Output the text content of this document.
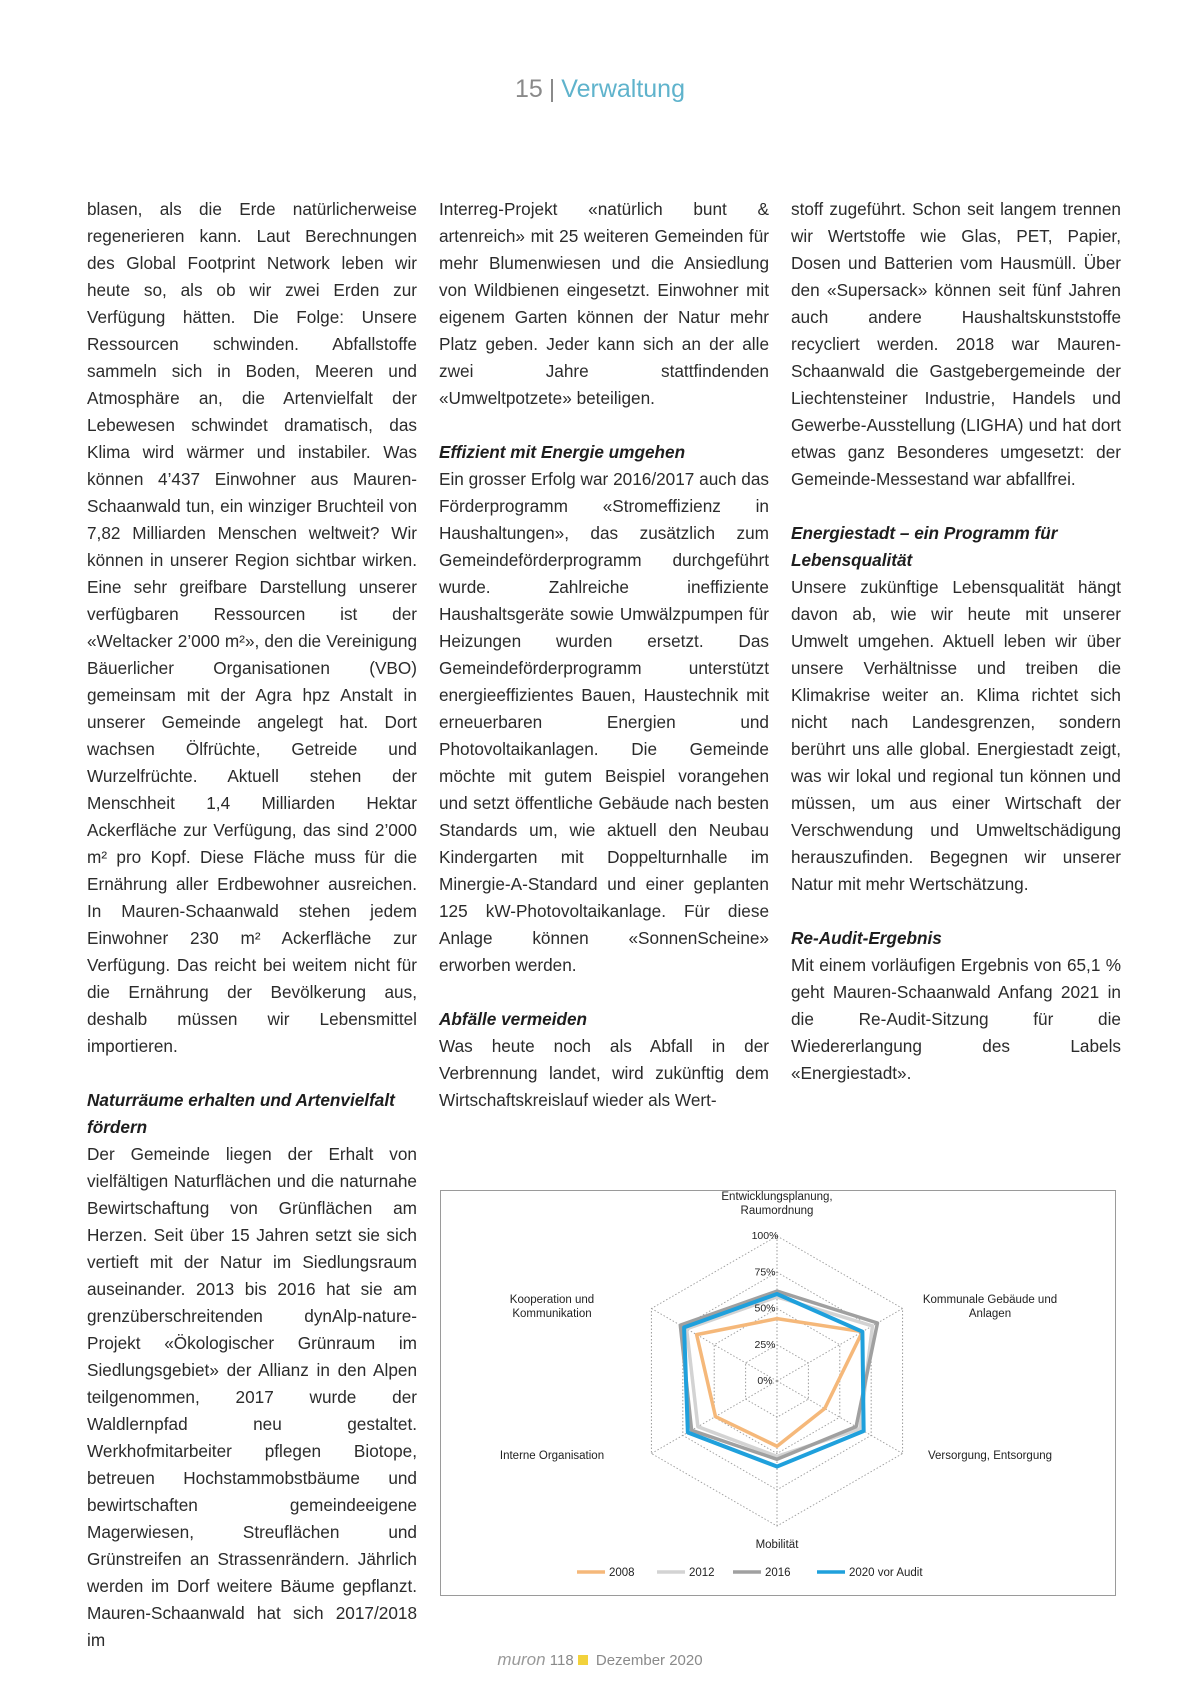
15 | Verwaltung

blasen, als die Erde natürlicherweise regenerieren kann. Laut Berechnungen des Global Footprint Network leben wir heute so, als ob wir zwei Erden zur Verfügung hätten. Die Folge: Unsere Ressourcen schwinden. Abfallstoffe sammeln sich in Boden, Meeren und Atmosphäre an, die Artenvielfalt der Lebewesen schwindet dramatisch, das Klima wird wärmer und instabiler. Was können 4’437 Einwohner aus Mauren-Schaanwald tun, ein winziger Bruchteil von 7,82 Milliarden Menschen weltweit? Wir können in unserer Region sichtbar wirken. Eine sehr greifbare Darstellung unserer verfügbaren Ressourcen ist der «Weltacker 2’000 m²», den die Vereinigung Bäuerlicher Organisationen (VBO) gemeinsam mit der Agra hpz Anstalt in unserer Gemeinde angelegt hat. Dort wachsen Ölfrüchte, Getreide und Wurzelfrüchte. Aktuell stehen der Menschheit 1,4 Milliarden Hektar Ackerfläche zur Verfügung, das sind 2’000 m² pro Kopf. Diese Fläche muss für die Ernährung aller Erdbewohner ausreichen. In Mauren-Schaanwald stehen jedem Einwohner 230 m² Ackerfläche zur Verfügung. Das reicht bei weitem nicht für die Ernährung der Bevölkerung aus, deshalb müssen wir Lebensmittel importieren.

Naturräume erhalten und Artenvielfalt fördern

Der Gemeinde liegen der Erhalt von vielfältigen Naturflächen und die naturnahe Bewirtschaftung von Grünflächen am Herzen. Seit über 15 Jahren setzt sie sich vertieft mit der Natur im Siedlungsraum auseinander. 2013 bis 2016 hat sie am grenzüberschreitenden dynAlp-nature-Projekt «Ökologischer Grünraum im Siedlungsgebiet» der Allianz in den Alpen teilgenommen, 2017 wurde der Waldlernpfad neu gestaltet. Werkhofmitarbeiter pflegen Biotope, betreuen Hochstammobstbäume und bewirtschaften gemeindeeigene Magerwiesen, Streuflächen und Grünstreifen an Strassenrändern. Jährlich werden im Dorf weitere Bäume gepflanzt. Mauren-Schaanwald hat sich 2017/2018 im

Interreg-Projekt «natürlich bunt & artenreich» mit 25 weiteren Gemeinden für mehr Blumenwiesen und die Ansiedlung von Wildbienen eingesetzt. Einwohner mit eigenem Garten können der Natur mehr Platz geben. Jeder kann sich an der alle zwei Jahre stattfindenden «Umweltpotzete» beteiligen.

Effizient mit Energie umgehen

Ein grosser Erfolg war 2016/2017 auch das Förderprogramm «Stromeffizienz in Haushaltungen», das zusätzlich zum Gemeindeförderprogramm durchgeführt wurde. Zahlreiche ineffiziente Haushaltsgeräte sowie Umwälzpumpen für Heizungen wurden ersetzt. Das Gemeindeförderprogramm unterstützt energieeffizientes Bauen, Haustechnik mit erneuerbaren Energien und Photovoltaikanlagen. Die Gemeinde möchte mit gutem Beispiel vorangehen und setzt öffentliche Gebäude nach besten Standards um, wie aktuell den Neubau Kindergarten mit Doppelturnhalle im Minergie-A-Standard und einer geplanten 125 kW-Photovoltaikanlage. Für diese Anlage können «SonnenScheine» erworben werden.

Abfälle vermeiden

Was heute noch als Abfall in der Verbrennung landet, wird zukünftig dem Wirtschaftskreislauf wieder als Wert-

stoff zugeführt. Schon seit langem trennen wir Wertstoffe wie Glas, PET, Papier, Dosen und Batterien vom Hausmüll. Über den «Supersack» können seit fünf Jahren auch andere Haushaltskunststoffe recycliert werden. 2018 war Mauren-Schaanwald die Gastgebergemeinde der Liechtensteiner Industrie, Handels und Gewerbe-Ausstellung (LIGHA) und hat dort etwas ganz Besonderes umgesetzt: der Gemeinde-Messestand war abfallfrei.

Energiestadt – ein Programm für Lebensqualität

Unsere zukünftige Lebensqualität hängt davon ab, wie wir heute mit unserer Umwelt umgehen. Aktuell leben wir über unsere Verhältnisse und treiben die Klimakrise weiter an. Klima richtet sich nicht nach Landesgrenzen, sondern berührt uns alle global. Energiestadt zeigt, was wir lokal und regional tun können und müssen, um aus einer Wirtschaft der Verschwendung und Umweltschädigung herauszufinden. Begegnen wir unserer Natur mit mehr Wertschätzung.

Re-Audit-Ergebnis

Mit einem vorläufigen Ergebnis von 65,1 % geht Mauren-Schaanwald Anfang 2021 in die Re-Audit-Sitzung für die Wiedererlangung des Labels «Energiestadt».

0%
25%
50%
75%
100%
Entwicklungsplanung, Raumordnung
Kommunale Gebäude und Anlagen
Versorgung, Entsorgung
Mobilität
Interne Organisation
Kooperation und Kommunikation
2008	2012	2016	2020 vor Audit
muron 118 Dezember 2020
